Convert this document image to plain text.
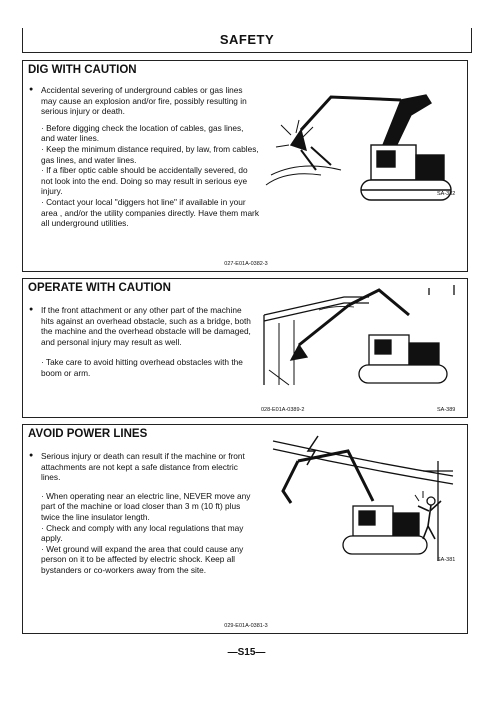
SAFETY
DIG WITH CAUTION
● Accidental severing of underground cables or gas lines may cause an explosion and/or fire, possibly resulting in serious injury or death.

· Before digging check the location of cables, gas lines, and water lines.

· Keep the minimum distance required, by law, from cables, gas lines, and water lines.

· If a fiber optic cable should be accidentally severed, do not look into the end. Doing so may result in serious eye injury.

· Contact your local "diggers hot line" if available in your area , and/or the utility companies directly. Have them mark all underground utilities.

SA-382
027-E01A-0382-3
OPERATE WITH CAUTION
● If the front attachment or any other part of the machine hits against an overhead obstacle, such as a bridge, both the machine and the overhead obstacle will be damaged, and personal injury may result as well.

· Take care to avoid hitting overhead obstacles with the boom or arm.

SA-389
028-E01A-0389-2
AVOID POWER LINES
● Serious injury or death can result if the machine or front attachments are not kept a safe distance from electric lines.

· When operating near an electric line, NEVER move any part of the machine or load closer than 3 m (10 ft) plus twice the line insulator length.

· Check and comply with any local regulations that may apply.

· Wet ground will expand the area that could cause any person on it to be affected by electric shock. Keep all bystanders or co-workers away from the site.

SA-381
029-E01A-0381-3
—S15—
